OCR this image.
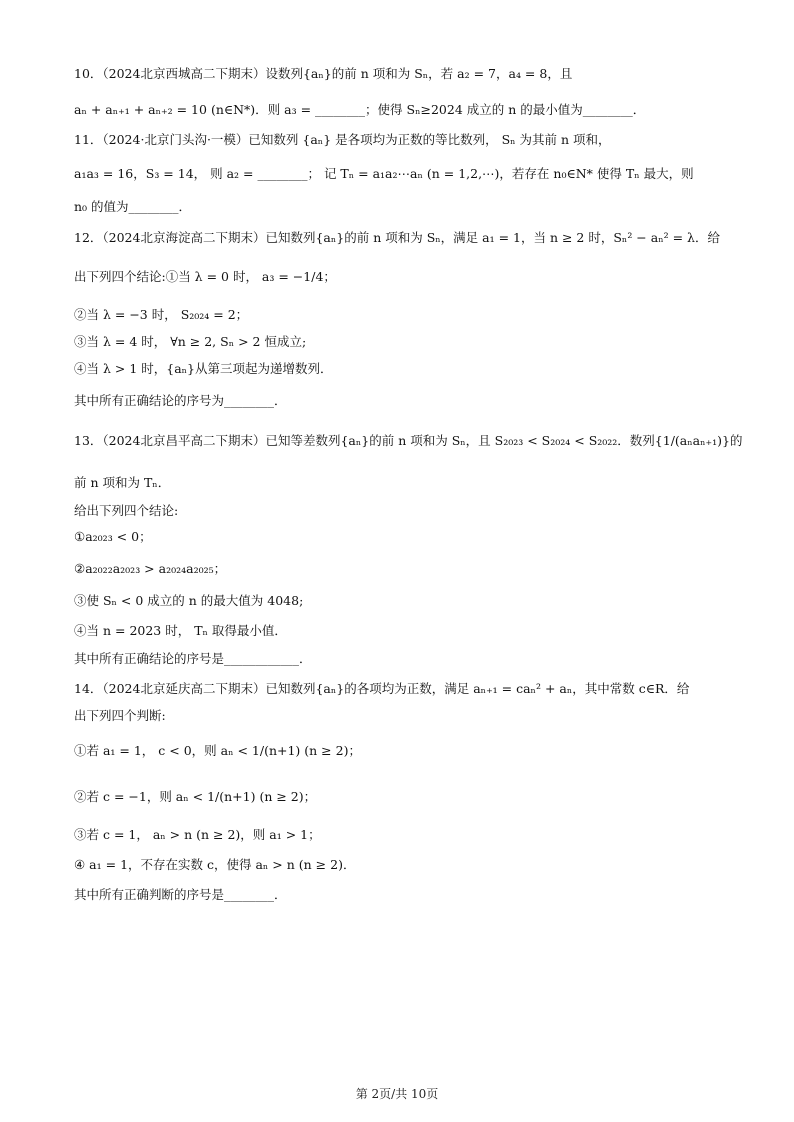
10．（2024北京西城高二下期末）设数列{aₙ}的前 n 项和为 Sₙ，若 a₂ = 7，a₄ = 8，且
aₙ + aₙ₊₁ + aₙ₊₂ = 10 (n∈N*)．则 a₃ = ________；使得 Sₙ≥2024 成立的 n 的最小值为________．
11．（2024·北京门头沟·一模）已知数列 {aₙ} 是各项均为正数的等比数列， Sₙ 为其前 n 项和，
a₁a₃ = 16，S₃ = 14， 则 a₂ = ________； 记 Tₙ = a₁a₂⋯aₙ (n = 1,2,⋯)，若存在 n₀∈N* 使得 Tₙ 最大，则
n₀ 的值为________．
12．（2024北京海淀高二下期末）已知数列{aₙ}的前 n 项和为 Sₙ，满足 a₁ = 1，当 n ≥ 2 时，Sₙ² − aₙ² = λ．给
出下列四个结论:①当 λ = 0 时， a₃ = −1/4；
②当 λ = −3 时， S₂₀₂₄ = 2；
③当 λ = 4 时， ∀n ≥ 2, Sₙ > 2 恒成立;
④当 λ > 1 时，{aₙ}从第三项起为递增数列．
其中所有正确结论的序号为________．
13．（2024北京昌平高二下期末）已知等差数列{aₙ}的前 n 项和为 Sₙ，且 S₂₀₂₃ < S₂₀₂₄ < S₂₀₂₂．数列{1/(aₙaₙ₊₁)}的
前 n 项和为 Tₙ．
给出下列四个结论:
①a₂₀₂₃ < 0；
②a₂₀₂₂a₂₀₂₃ > a₂₀₂₄a₂₀₂₅；
③使 Sₙ < 0 成立的 n 的最大值为 4048;
④当 n = 2023 时， Tₙ 取得最小值．
其中所有正确结论的序号是____________．
14．（2024北京延庆高二下期末）已知数列{aₙ}的各项均为正数，满足 aₙ₊₁ = caₙ² + aₙ，其中常数 c∈R．给
出下列四个判断:
①若 a₁ = 1， c < 0，则 aₙ < 1/(n+1) (n ≥ 2)；
②若 c = −1，则 aₙ < 1/(n+1) (n ≥ 2)；
③若 c = 1， aₙ > n (n ≥ 2)，则 a₁ > 1；
④ a₁ = 1，不存在实数 c，使得 aₙ > n (n ≥ 2)．
其中所有正确判断的序号是________．
第 2页/共 10页
